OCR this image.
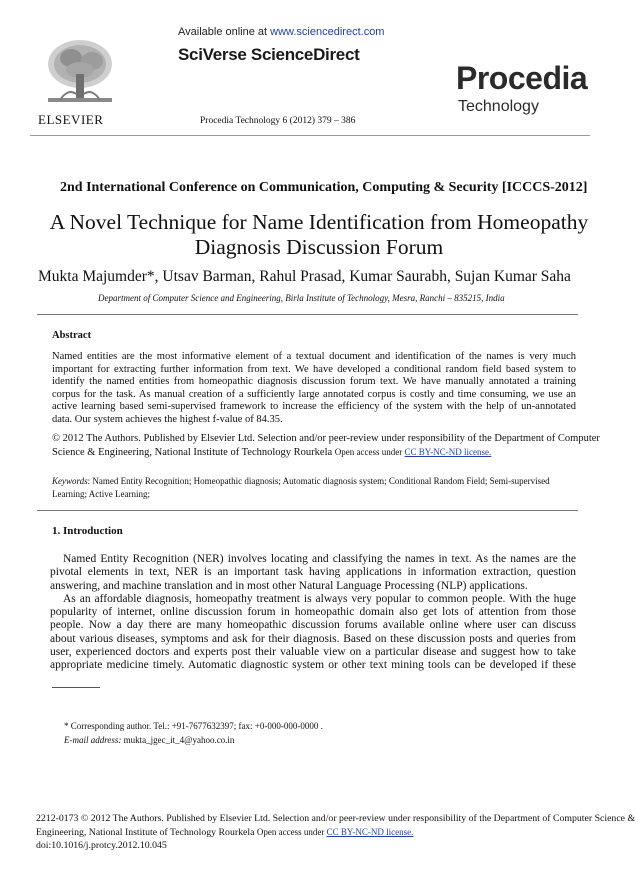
ELSEVIER
Available online at www.sciencedirect.com
SciVerse ScienceDirect
Procedia Technology 6 (2012) 379 – 386
Procedia
Technology
2nd International Conference on Communication, Computing & Security [ICCCS-2012]
A Novel Technique for Name Identification from Homeopathy
Diagnosis Discussion Forum
Mukta Majumder*, Utsav Barman, Rahul Prasad, Kumar Saurabh, Sujan Kumar Saha
Department of Computer Science and Engineering, Birla Institute of Technology, Mesra, Ranchi – 835215, India
Abstract
Named entities are the most informative element of a textual document and identification of the names is very much
important for extracting further information from text. We have developed a conditional random field based system to
identify the named entities from homeopathic diagnosis discussion forum text. We have manually annotated a training
corpus for the task. As manual creation of a sufficiently large annotated corpus is costly and time consuming, we use an
active learning based semi-supervised framework to increase the efficiency of the system with the help of un-annotated
data. Our system achieves the highest f-value of 84.35.
© 2012 The Authors. Published by Elsevier Ltd. Selection and/or peer-review under responsibility of the Department of Computer
Science & Engineering, National Institute of Technology Rourkela Open access under CC BY-NC-ND license.
Keywords: Named Entity Recognition; Homeopathic diagnosis; Automatic diagnosis system; Conditional Random Field; Semi-supervised
Learning; Active Learning;
1. Introduction
Named Entity Recognition (NER) involves locating and classifying the names in text. As the names are the
pivotal elements in text, NER is an important task having applications in information extraction, question
answering, and machine translation and in most other Natural Language Processing (NLP) applications.
As an affordable diagnosis, homeopathy treatment is always very popular to common people. With the huge
popularity of internet, online discussion forum in homeopathic domain also get lots of attention from those
people. Now a day there are many homeopathic discussion forums available online where user can discuss
about various diseases, symptoms and ask for their diagnosis. Based on these discussion posts and queries from
user, experienced doctors and experts post their valuable view on a particular disease and suggest how to take
appropriate medicine timely. Automatic diagnostic system or other text mining tools can be developed if these
* Corresponding author. Tel.: +91-7677632397; fax: +0-000-000-0000 .
E-mail address: mukta_jgec_it_4@yahoo.co.in
2212-0173 © 2012 The Authors. Published by Elsevier Ltd. Selection and/or peer-review under responsibility of the Department of Computer Science &
Engineering, National Institute of Technology Rourkela Open access under CC BY-NC-ND license.
doi:10.1016/j.protcy.2012.10.045
